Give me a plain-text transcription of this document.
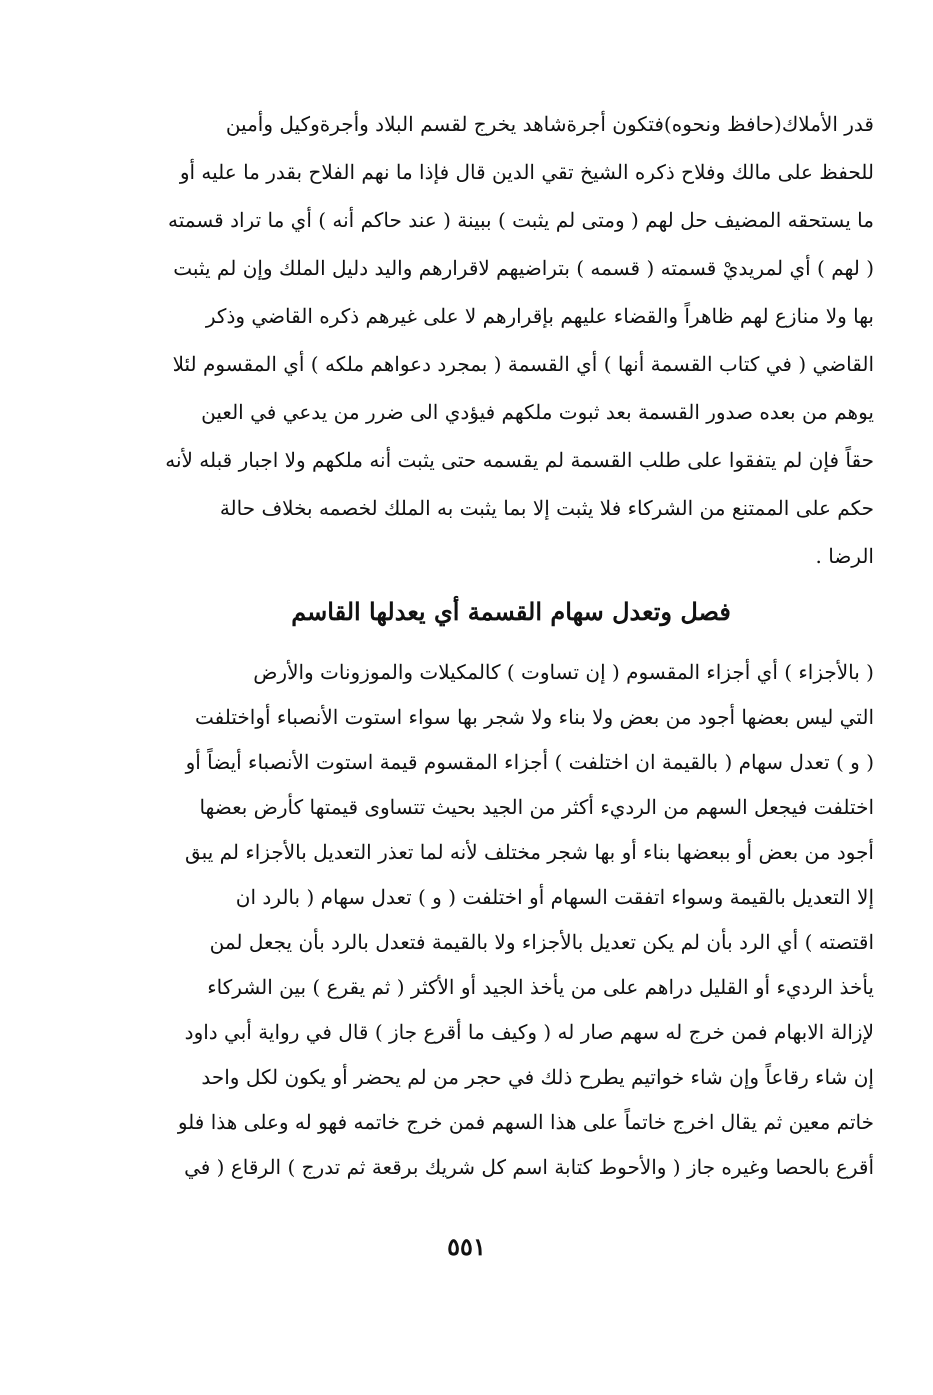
قدر الأملاك(حافظ ونحوه)فتكون أجرةشاهد يخرج لقسم البلاد وأجرةوكيل وأمين
للحفظ على مالك وفلاح ذكره الشيخ تقي الدين قال فإذا ما نهم الفلاح بقدر ما عليه أو
ما يستحقه المضيف حل لهم ( ومتى لم يثبت ) ببينة ( عند حاكم أنه ) أي ما تراد قسمته
( لهم ) أي لمريديْ قسمته ( قسمه ) بتراضيهم لاقرارهم واليد دليل الملك وإن لم يثبت
بها ولا منازع لهم ظاهراً والقضاء عليهم بإقرارهم لا على غيرهم ذكره القاضي وذكر
القاضي ( في كتاب القسمة أنها ) أي القسمة ( بمجرد دعواهم ملكه ) أي المقسوم لئلا
يوهم من بعده صدور القسمة بعد ثبوت ملكهم فيؤدي الى ضرر من يدعي في العين
حقاً فإن لم يتفقوا على طلب القسمة لم يقسمه حتى يثبت أنه ملكهم ولا اجبار قبله لأنه
حكم على الممتنع من الشركاء فلا يثبت إلا بما يثبت به الملك لخصمه بخلاف حالة
الرضا .
فصل وتعدل سهام القسمة أي يعدلها القاسم
( بالأجزاء ) أي أجزاء المقسوم ( إن تساوت ) كالمكيلات والموزونات والأرض
التي ليس بعضها أجود من بعض ولا بناء ولا شجر بها سواء استوت الأنصباء أواختلفت
( و ) تعدل سهام ( بالقيمة ان اختلفت ) أجزاء المقسوم قيمة استوت الأنصباء أيضاً أو
اختلفت فيجعل السهم من الرديء أكثر من الجيد بحيث تتساوى قيمتها كأرض بعضها
أجود من بعض أو ببعضها بناء أو بها شجر مختلف لأنه لما تعذر التعديل بالأجزاء لم يبق
إلا التعديل بالقيمة وسواء اتفقت السهام أو اختلفت ( و ) تعدل سهام ( بالرد ان
اقتصته ) أي الرد بأن لم يكن تعديل بالأجزاء ولا بالقيمة فتعدل بالرد بأن يجعل لمن
يأخذ الرديء أو القليل دراهم على من يأخذ الجيد أو الأكثر ( ثم يقرع ) بين الشركاء
لإزالة الابهام فمن خرج له سهم صار له ( وكيف ما أقرع جاز ) قال في رواية أبي داود
إن شاء رقاعاً وإن شاء خواتيم يطرح ذلك في حجر من لم يحضر أو يكون لكل واحد
خاتم معين ثم يقال اخرج خاتماً على هذا السهم فمن خرج خاتمه فهو له وعلى هذا فلو
أقرع بالحصا وغيره جاز ( والأحوط كتابة اسم كل شريك برقعة ثم تدرج ) الرقاع ( في
٥٥١
